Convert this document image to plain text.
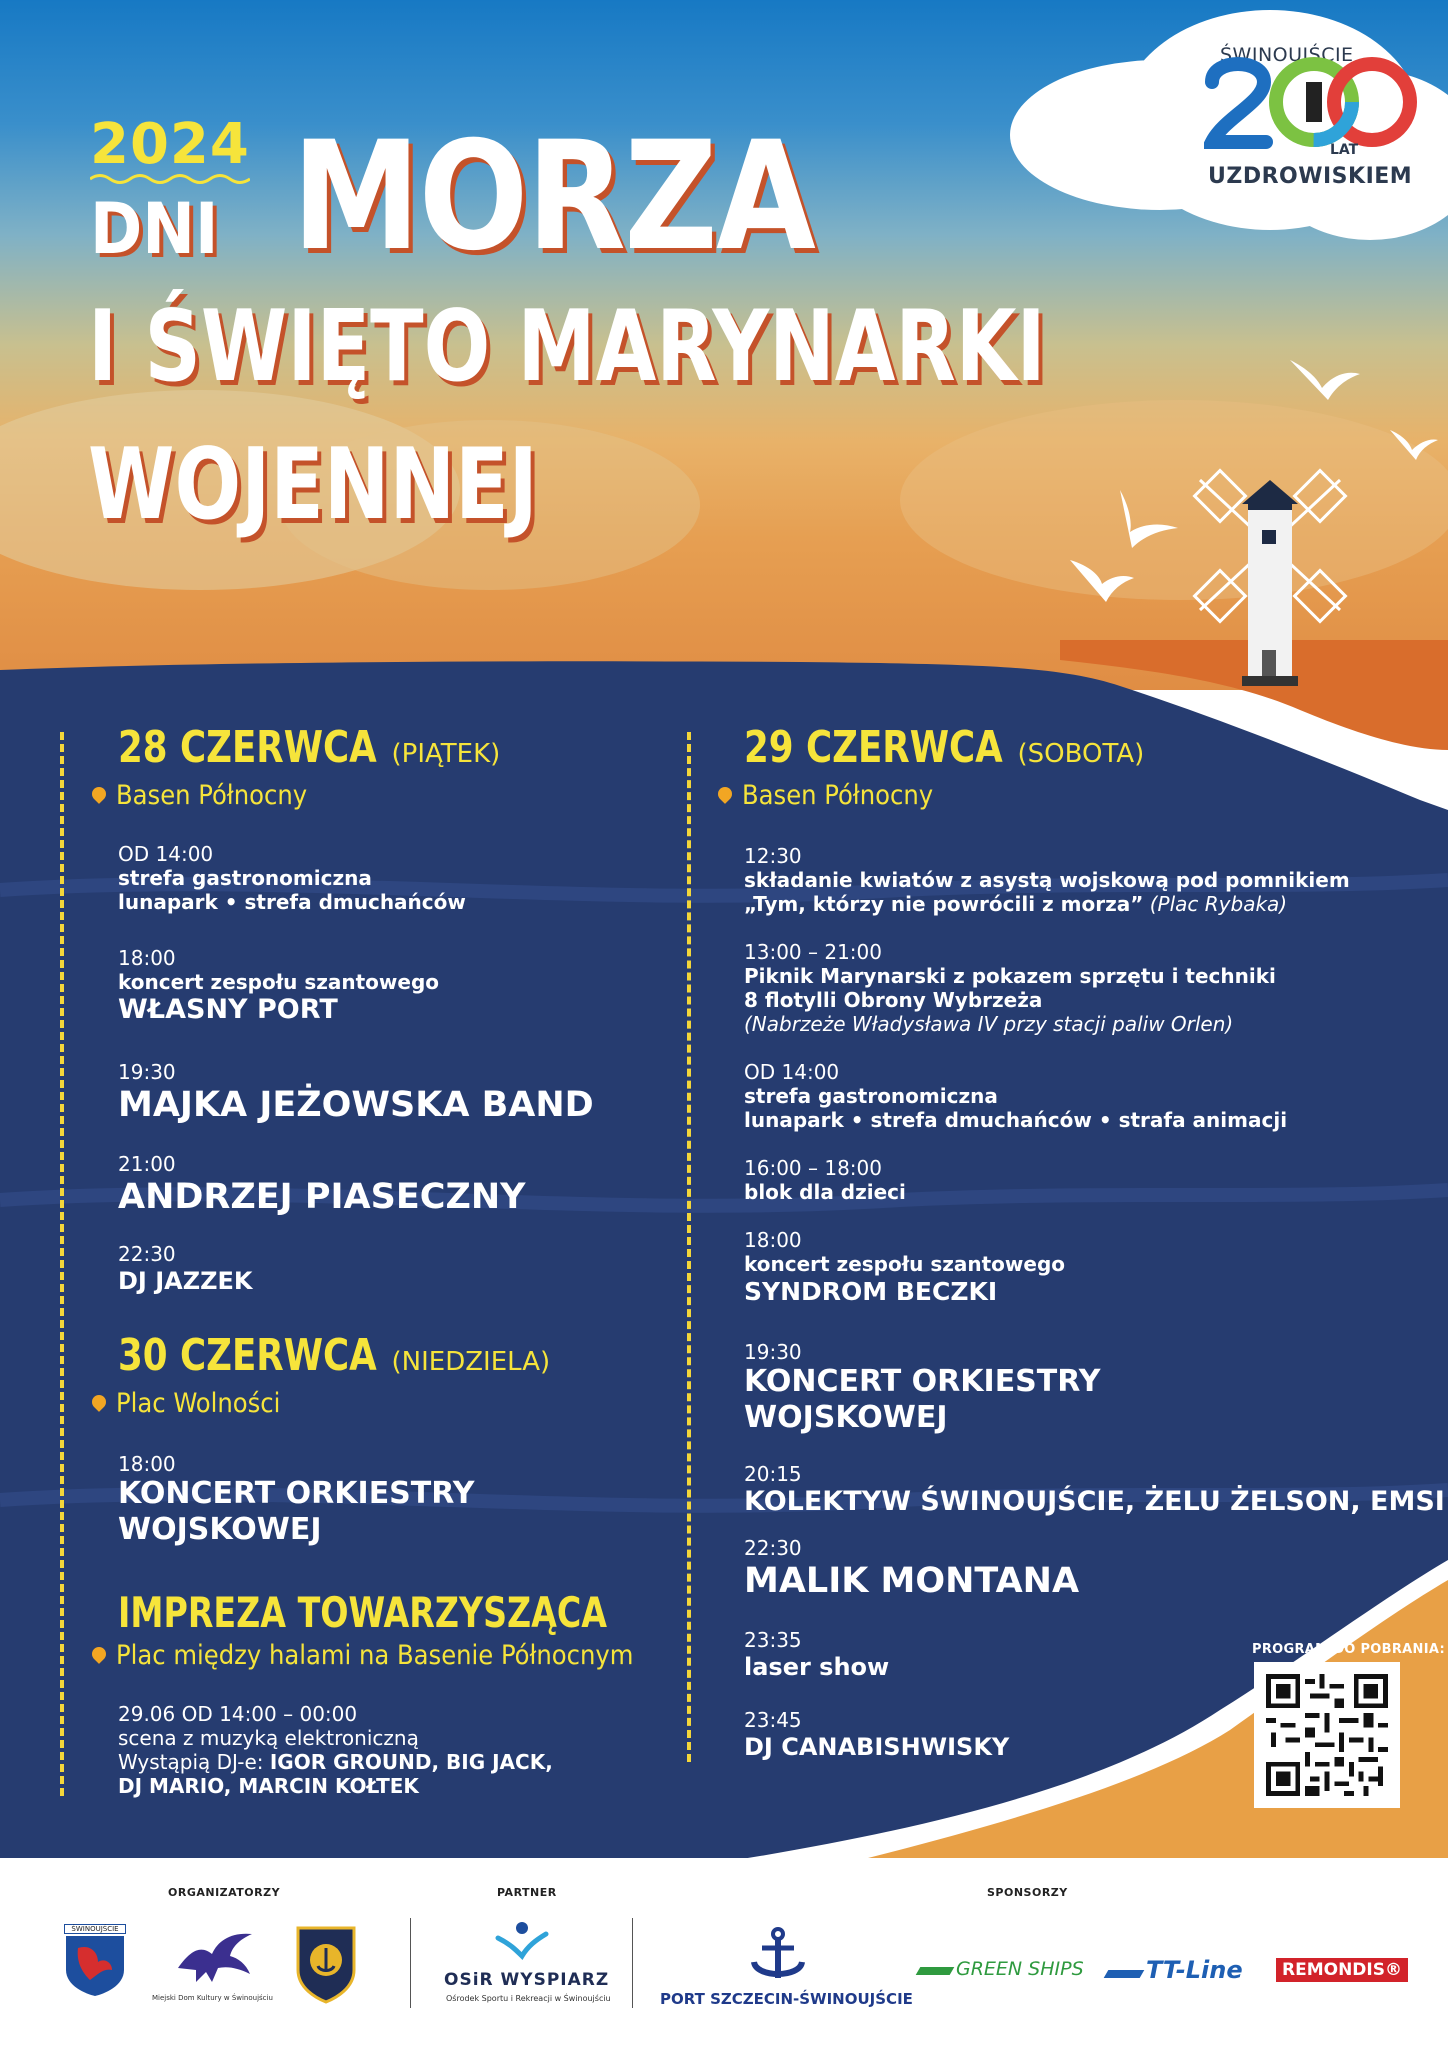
2024
DNI MORZA
I ŚWIĘTO MARYNARKI
WOJENNEJ
ŚWINOUJŚCIE
LAT
UZDROWISKIEM
28 CZERWCA (PIĄTEK)
Basen Północny
OD 14:00
strefa gastronomiczna
lunapark • strefa dmuchańców
18:00
koncert zespołu szantowego
WŁASNY PORT
19:30
MAJKA JEŻOWSKA BAND
21:00
ANDRZEJ PIASECZNY
22:30
DJ JAZZEK
30 CZERWCA (NIEDZIELA)
Plac Wolności
18:00
KONCERT ORKIESTRY
WOJSKOWEJ
IMPREZA TOWARZYSZĄCA
Plac między halami na Basenie Północnym
29.06 OD 14:00 – 00:00
scena z muzyką elektroniczną
Wystąpią DJ-e: IGOR GROUND, BIG JACK,
DJ MARIO, MARCIN KOŁTEK
29 CZERWCA (SOBOTA)
Basen Północny
12:30
składanie kwiatów z asystą wojskową pod pomnikiem
„Tym, którzy nie powrócili z morza” (Plac Rybaka)
13:00 – 21:00
Piknik Marynarski z pokazem sprzętu i techniki
8 flotylli Obrony Wybrzeża
(Nabrzeże Władysława IV przy stacji paliw Orlen)
OD 14:00
strefa gastronomiczna
lunapark • strefa dmuchańców • strafa animacji
16:00 – 18:00
blok dla dzieci
18:00
koncert zespołu szantowego
SYNDROM BECZKI
19:30
KONCERT ORKIESTRY
WOJSKOWEJ
20:15
KOLEKTYW ŚWINOUJŚCIE, ŻELU ŻELSON, EMSI
22:30
MALIK MONTANA
23:35
laser show
23:45
DJ CANABISHWISKY
PROGRAM DO POBRANIA:
ORGANIZATORZY	PARTNER	SPONSORZY
ŚWINOUJŚCIE
Miejski Dom Kultury w Świnoujściu
OSiR WYSPIARZ
Ośrodek Sportu i Rekreacji w Świnoujściu	PORT SZCZECIN-ŚWINOUJŚCIE
GREEN SHIPS	TT-Line	REMONDIS®
